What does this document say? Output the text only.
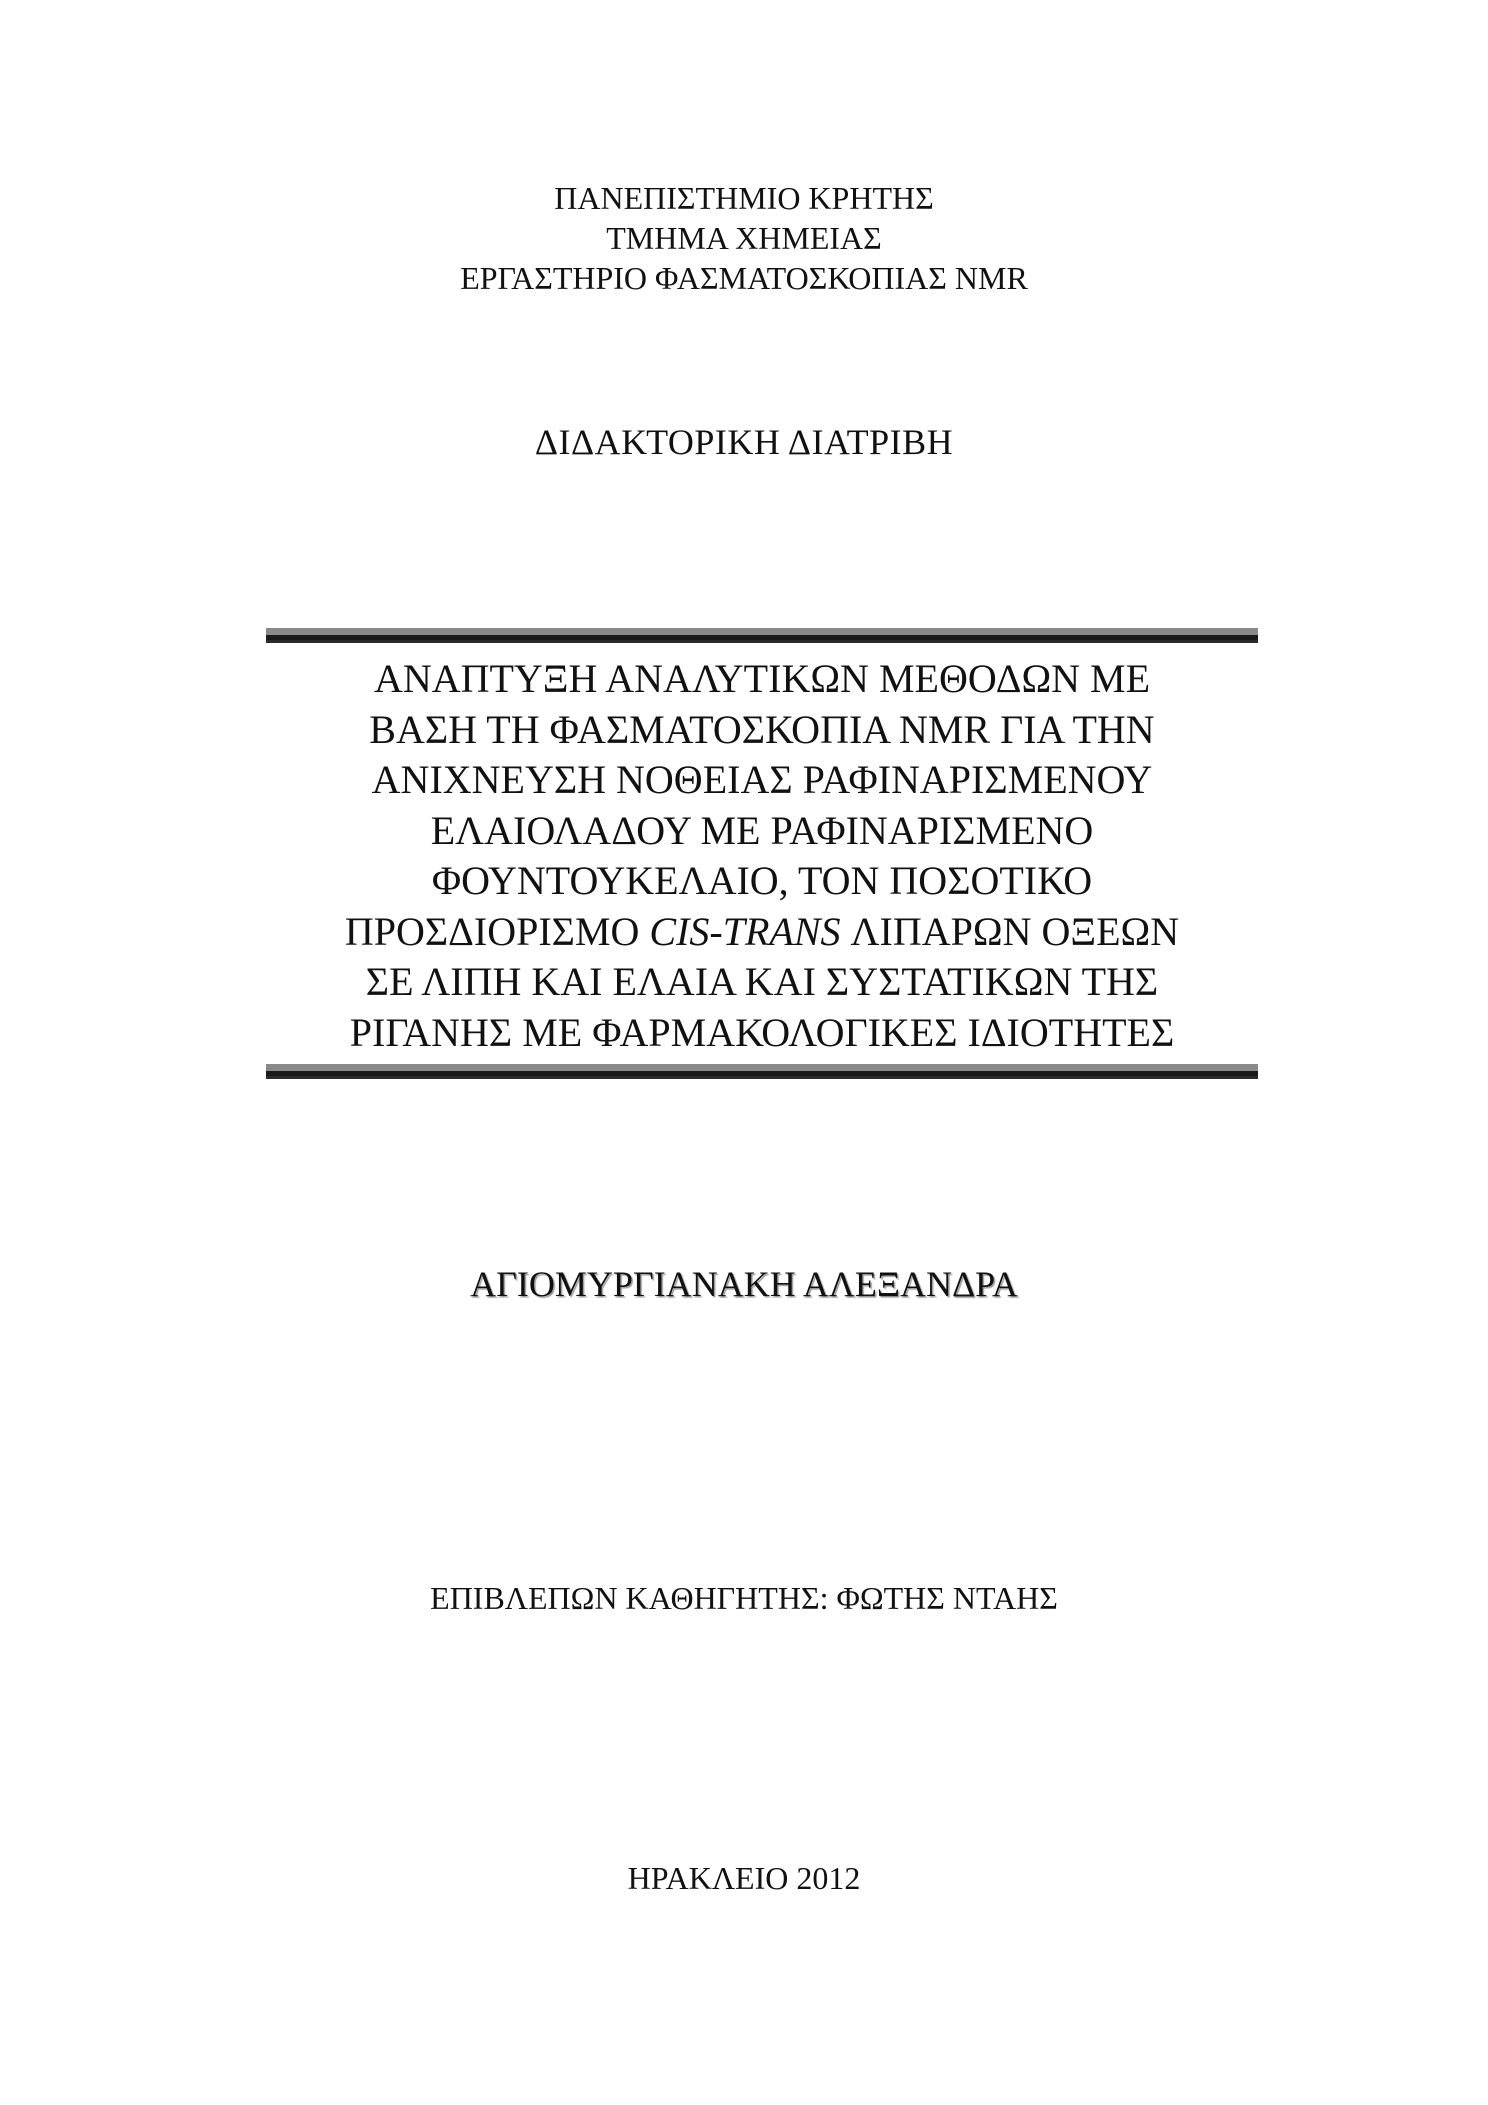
ΠΑΝΕΠΙΣΤΗΜΙΟ ΚΡΗΤΗΣ
ΤΜΗΜΑ ΧΗΜΕΙΑΣ
ΕΡΓΑΣΤΗΡΙΟ ΦΑΣΜΑΤΟΣΚΟΠΙΑΣ NMR
ΔΙΔΑΚΤΟΡΙΚΗ ΔΙΑΤΡΙΒΗ
ΑΝΑΠΤΥΞΗ ΑΝΑΛΥΤΙΚΩΝ ΜΕΘΟΔΩΝ ΜΕ
ΒΑΣΗ ΤΗ ΦΑΣΜΑΤΟΣΚΟΠΙΑ NMR ΓΙΑ ΤΗΝ
ΑΝΙΧΝΕΥΣΗ ΝΟΘΕΙΑΣ ΡΑΦΙΝΑΡΙΣΜΕΝΟΥ
ΕΛΑΙΟΛΑΔΟΥ ΜΕ ΡΑΦΙΝΑΡΙΣΜΕΝΟ
ΦΟΥΝΤΟΥΚΕΛΑΙΟ, ΤΟΝ ΠΟΣΟΤΙΚΟ
ΠΡΟΣΔΙΟΡΙΣΜΟ CIS-TRANS ΛΙΠΑΡΩΝ ΟΞΕΩΝ
ΣΕ ΛΙΠΗ ΚΑΙ ΕΛΑΙΑ ΚΑΙ ΣΥΣΤΑΤΙΚΩΝ ΤΗΣ
ΡΙΓΑΝΗΣ ΜΕ ΦΑΡΜΑΚΟΛΟΓΙΚΕΣ ΙΔΙΟΤΗΤΕΣ
ΑΓΙΟΜΥΡΓΙΑΝΑΚΗ ΑΛΕΞΑΝΔΡΑ
ΕΠΙΒΛΕΠΩΝ ΚΑΘΗΓΗΤΗΣ: ΦΩΤΗΣ ΝΤΑΗΣ
ΗΡΑΚΛΕΙΟ 2012
